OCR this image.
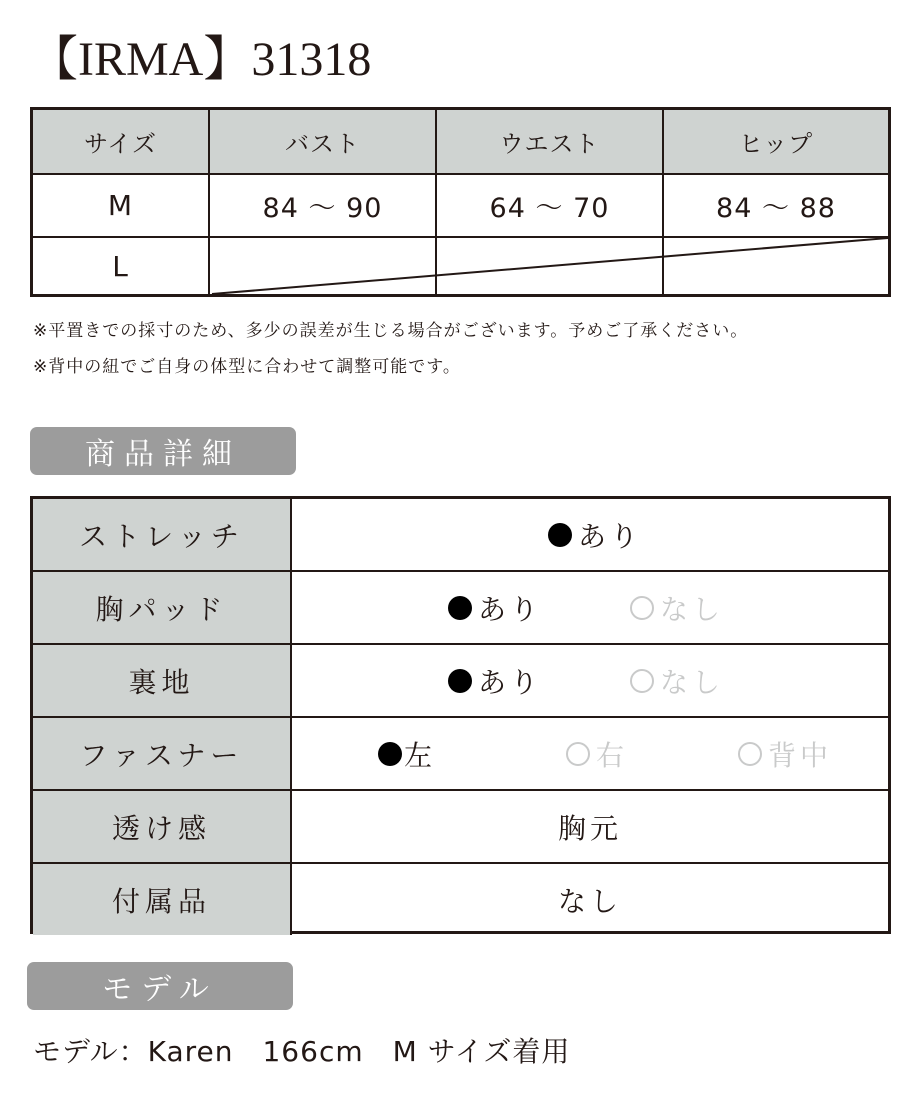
【IRMA】31318
サイズ	バスト	ウエスト	ヒップ
M	84 〜 90	64 〜 70	84 〜 88
L
※平置きでの採寸のため、多少の誤差が生じる場合がございます。予めご了承ください。
※背中の紐でご自身の体型に合わせて調整可能です。
商品詳細
ストレッチ	あり
胸パッド	あり	なし
裏地	あり	なし
ファスナー	左	右	背中
透け感	胸元
付属品	なし
モデル
モデル：Karen　166cm　M サイズ着用
